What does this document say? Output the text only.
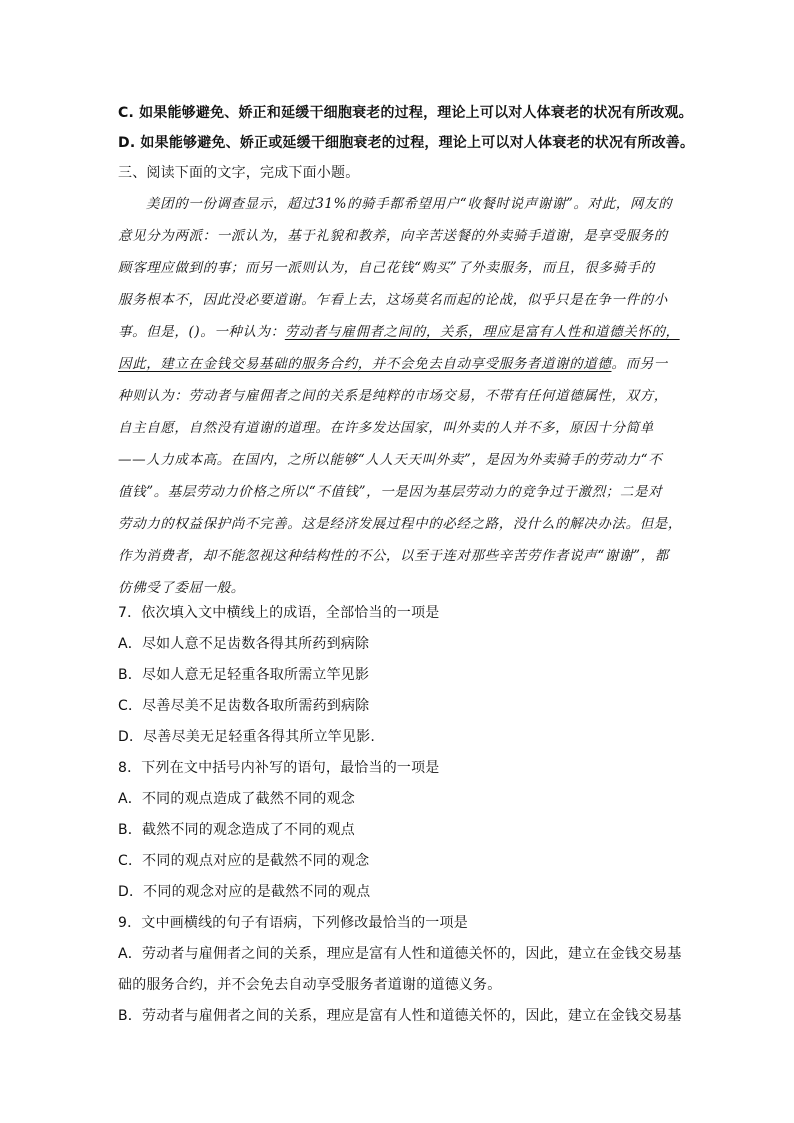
C. 如果能够避免、娇正和延缓干细胞衰老的过程，理论上可以对人体衰老的状况有所改观。
D. 如果能够避免、娇正或延缓干细胞衰老的过程，理论上可以对人体衰老的状况有所改善。
三、阅读下面的文字，完成下面小题。
美团的一份调查显示，超过31%的骑手都希望用户“收餐时说声谢谢”。对此，网友的
意见分为两派：一派认为，基于礼貌和教养，向辛苦送餐的外卖骑手道谢，是享受服务的
顾客理应做到的事；而另一派则认为，自己花钱“购买”了外卖服务，而且，很多骑手的
服务根本不，因此没必要道谢。乍看上去，这场莫名而起的论战，似乎只是在争一件的小
事。但是，()。一种认为：劳动者与雇佣者之间的，关系，理应是富有人性和道德关怀的，
因此，建立在金钱交易基础的服务合约，并不会免去自动享受服务者道谢的道德。而另一
种则认为：劳动者与雇佣者之间的关系是纯粹的市场交易，不带有任何道德属性，双方，
自主自愿，自然没有道谢的道理。在许多发达国家，叫外卖的人并不多，原因十分简单
——人力成本高。在国内，之所以能够“人人天天叫外卖”，是因为外卖骑手的劳动力“不
值钱”。基层劳动力价格之所以“不值钱”，一是因为基层劳动力的竞争过于激烈；二是对
劳动力的权益保护尚不完善。这是经济发展过程中的必经之路，没什么的解决办法。但是，
作为消费者，却不能忽视这种结构性的不公，以至于连对那些辛苦劳作者说声“谢谢”，都
仿佛受了委屈一般。
7．依次填入文中横线上的成语，全部恰当的一项是
A．尽如人意不足齿数各得其所药到病除
B．尽如人意无足轻重各取所需立竿见影
C．尽善尽美不足齿数各取所需药到病除
D．尽善尽美无足轻重各得其所立竿见影.
8．下列在文中括号内补写的语句，最恰当的一项是
A．不同的观点造成了截然不同的观念
B．截然不同的观念造成了不同的观点
C．不同的观点对应的是截然不同的观念
D．不同的观念对应的是截然不同的观点
9．文中画横线的句子有语病，下列修改最恰当的一项是
A．劳动者与雇佣者之间的关系，理应是富有人性和道德关怀的，因此，建立在金钱交易基
础的服务合约，并不会免去自动享受服务者道谢的道德义务。
B．劳动者与雇佣者之间的关系，理应是富有人性和道德关怀的，因此，建立在金钱交易基
